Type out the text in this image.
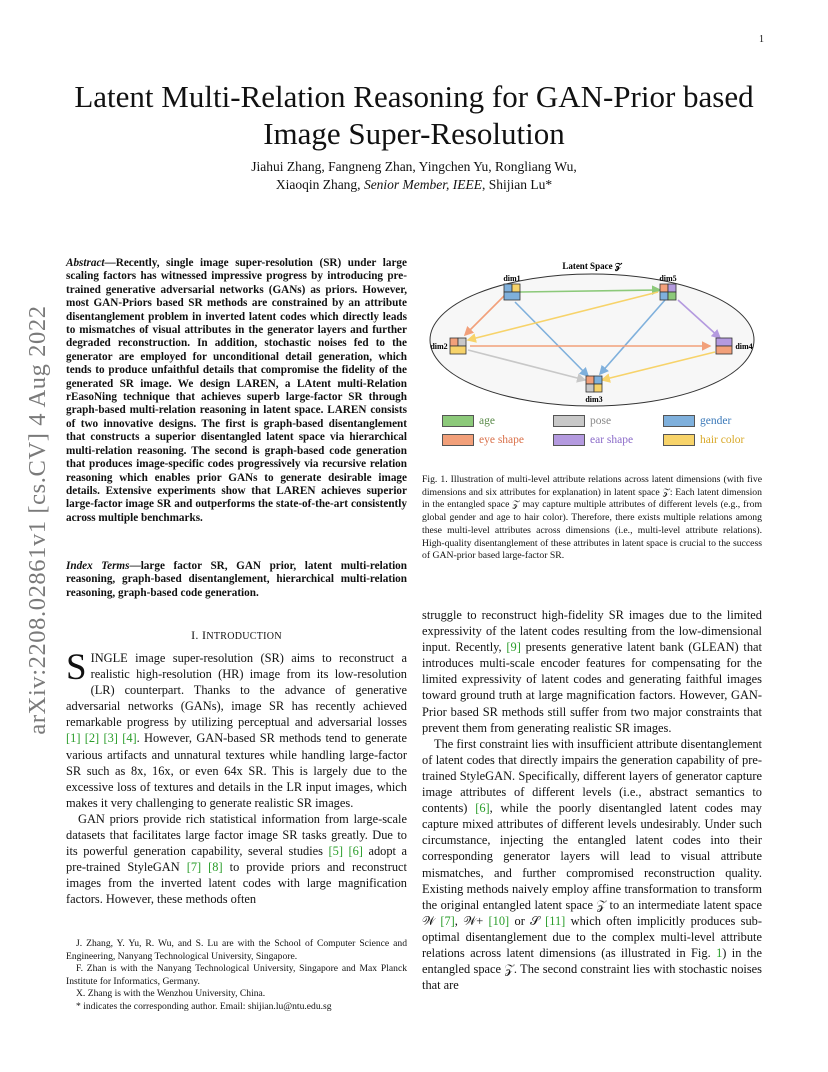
1
Latent Multi-Relation Reasoning for GAN-Prior based Image Super-Resolution
Jiahui Zhang, Fangneng Zhan, Yingchen Yu, Rongliang Wu,
Xiaoqin Zhang, Senior Member, IEEE, Shijian Lu*
arXiv:2208.02861v1 [cs.CV] 4 Aug 2022
Abstract—Recently, single image super-resolution (SR) under large scaling factors has witnessed impressive progress by introducing pre-trained generative adversarial networks (GANs) as priors. However, most GAN-Priors based SR methods are constrained by an attribute disentanglement problem in inverted latent codes which directly leads to mismatches of visual attributes in the generator layers and further degraded reconstruction. In addition, stochastic noises fed to the generator are employed for unconditional detail generation, which tends to produce unfaithful details that compromise the fidelity of the generated SR image. We design LAREN, a LAtent multi-Relation rEasoNing technique that achieves superb large-factor SR through graph-based multi-relation reasoning in latent space. LAREN consists of two innovative designs. The first is graph-based disentanglement that constructs a superior disentangled latent space via hierarchical multi-relation reasoning. The second is graph-based code generation that produces image-specific codes progressively via recursive relation reasoning which enables prior GANs to generate desirable image details. Extensive experiments show that LAREN achieves superior large-factor image SR and outperforms the state-of-the-art consistently across multiple benchmarks.
Index Terms—large factor SR, GAN prior, latent multi-relation reasoning, graph-based disentanglement, hierarchical multi-relation reasoning, graph-based code generation.
I. INTRODUCTION

SINGLE image super-resolution (SR) aims to reconstruct a realistic high-resolution (HR) image from its low-resolution (LR) counterpart. Thanks to the advance of generative adversarial networks (GANs), image SR has recently achieved remarkable progress by utilizing perceptual and adversarial losses [1] [2] [3] [4]. However, GAN-based SR methods tend to generate various artifacts and unnatural textures while handling large-factor SR such as 8x, 16x, or even 64x SR. This is largely due to the excessive loss of textures and details in the LR input images, which makes it very challenging to generate realistic SR images.

GAN priors provide rich statistical information from large-scale datasets that facilitates large factor image SR tasks greatly. Due to its powerful generation capability, several studies [5] [6] adopt a pre-trained StyleGAN [7] [8] to provide priors and reconstruct images from the inverted latent codes with large magnification factors. However, these methods often

J. Zhang, Y. Yu, R. Wu, and S. Lu are with the School of Computer Science and Engineering, Nanyang Technological University, Singapore.

F. Zhan is with the Nanyang Technological University, Singapore and Max Planck Institute for Informatics, Germany.

X. Zhang is with the Wenzhou University, China.

* indicates the corresponding author. Email: shijian.lu@ntu.edu.sg

Latent Space 𝒵
dim1	dim5
dim2	dim4
dim3
age	pose	gender
eye shape	ear shape	hair color
Fig. 1. Illustration of multi-level attribute relations across latent dimensions (with five dimensions and six attributes for explanation) in latent space 𝒵: Each latent dimension in the entangled space 𝒵 may capture multiple attributes of different levels (e.g., from global gender and age to hair color). Therefore, there exists multiple relations among these multi-level attributes across dimensions (i.e., multi-level attribute relations). High-quality disentanglement of these attributes in latent space is crucial to the success of GAN-prior based large-factor SR.

struggle to reconstruct high-fidelity SR images due to the limited expressivity of the latent codes resulting from the low-dimensional input. Recently, [9] presents generative latent bank (GLEAN) that introduces multi-scale encoder features for compensating for the limited expressivity of latent codes and generating faithful images toward ground truth at large magnification factors. However, GAN-Prior based SR methods still suffer from two major constraints that prevent them from generating realistic SR images.

The first constraint lies with insufficient attribute disentanglement of latent codes that directly impairs the generation capability of pre-trained StyleGAN. Specifically, different layers of generator capture image attributes of different levels (i.e., abstract semantics to contents) [6], while the poorly disentangled latent codes may capture mixed attributes of different levels undesirably. Under such circumstance, injecting the entangled latent codes into their corresponding generator layers will lead to visual attribute mismatches, and further compromised reconstruction quality. Existing methods naively employ affine transformation to transform the original entangled latent space 𝒵 to an intermediate latent space 𝒲 [7], 𝒲+ [10] or 𝒮 [11] which often implicitly produces sub-optimal disentanglement due to the complex multi-level attribute relations across latent dimensions (as illustrated in Fig. 1) in the entangled space 𝒵. The second constraint lies with stochastic noises that are
